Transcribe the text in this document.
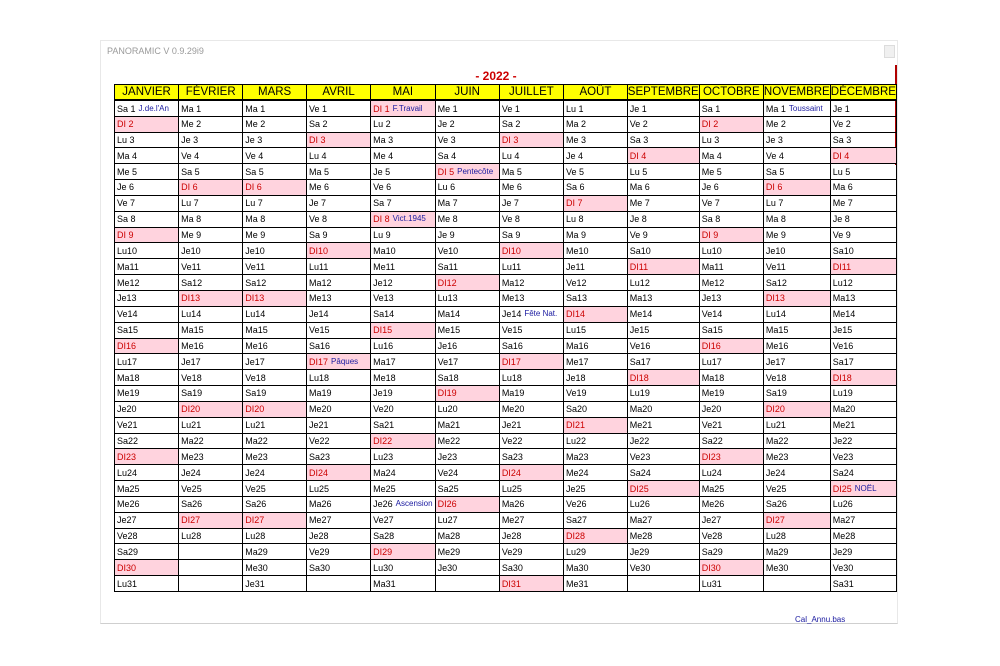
PANORAMIC V 0.9.29i9
- 2022 -
JANVIER	FÉVRIER	MARS	AVRIL	MAI	JUIN	JUILLET	AOÛT	SEPTEMBRE	OCTOBRE	NOVEMBRE	DÉCEMBRE
Sa 1 J.de.l'An	Ma 1	Ma 1	Ve 1	DI 1 F.Travail	Me 1	Ve 1	Lu 1	Je 1	Sa 1	Ma 1 Toussaint	Je 1
DI 2	Me 2	Me 2	Sa 2	Lu 2	Je 2	Sa 2	Ma 2	Ve 2	DI 2	Me 2	Ve 2
Lu 3	Je 3	Je 3	DI 3	Ma 3	Ve 3	DI 3	Me 3	Sa 3	Lu 3	Je 3	Sa 3
Ma 4	Ve 4	Ve 4	Lu 4	Me 4	Sa 4	Lu 4	Je 4	DI 4	Ma 4	Ve 4	DI 4
Me 5	Sa 5	Sa 5	Ma 5	Je 5	DI 5 Pentecôte	Ma 5	Ve 5	Lu 5	Me 5	Sa 5	Lu 5
Je 6	DI 6	DI 6	Me 6	Ve 6	Lu 6	Me 6	Sa 6	Ma 6	Je 6	DI 6	Ma 6
Ve 7	Lu 7	Lu 7	Je 7	Sa 7	Ma 7	Je 7	DI 7	Me 7	Ve 7	Lu 7	Me 7
Sa 8	Ma 8	Ma 8	Ve 8	DI 8 Vict.1945	Me 8	Ve 8	Lu 8	Je 8	Sa 8	Ma 8	Je 8
DI 9	Me 9	Me 9	Sa 9	Lu 9	Je 9	Sa 9	Ma 9	Ve 9	DI 9	Me 9	Ve 9
Lu10	Je10	Je10	DI10	Ma10	Ve10	DI10	Me10	Sa10	Lu10	Je10	Sa10
Ma11	Ve11	Ve11	Lu11	Me11	Sa11	Lu11	Je11	DI11	Ma11	Ve11	DI11
Me12	Sa12	Sa12	Ma12	Je12	DI12	Ma12	Ve12	Lu12	Me12	Sa12	Lu12
Je13	DI13	DI13	Me13	Ve13	Lu13	Me13	Sa13	Ma13	Je13	DI13	Ma13
Ve14	Lu14	Lu14	Je14	Sa14	Ma14	Je14 Fête Nat.	DI14	Me14	Ve14	Lu14	Me14
Sa15	Ma15	Ma15	Ve15	DI15	Me15	Ve15	Lu15	Je15	Sa15	Ma15	Je15
DI16	Me16	Me16	Sa16	Lu16	Je16	Sa16	Ma16	Ve16	DI16	Me16	Ve16
Lu17	Je17	Je17	DI17 Pâques	Ma17	Ve17	DI17	Me17	Sa17	Lu17	Je17	Sa17
Ma18	Ve18	Ve18	Lu18	Me18	Sa18	Lu18	Je18	DI18	Ma18	Ve18	DI18
Me19	Sa19	Sa19	Ma19	Je19	DI19	Ma19	Ve19	Lu19	Me19	Sa19	Lu19
Je20	DI20	DI20	Me20	Ve20	Lu20	Me20	Sa20	Ma20	Je20	DI20	Ma20
Ve21	Lu21	Lu21	Je21	Sa21	Ma21	Je21	DI21	Me21	Ve21	Lu21	Me21
Sa22	Ma22	Ma22	Ve22	DI22	Me22	Ve22	Lu22	Je22	Sa22	Ma22	Je22
DI23	Me23	Me23	Sa23	Lu23	Je23	Sa23	Ma23	Ve23	DI23	Me23	Ve23
Lu24	Je24	Je24	DI24	Ma24	Ve24	DI24	Me24	Sa24	Lu24	Je24	Sa24
Ma25	Ve25	Ve25	Lu25	Me25	Sa25	Lu25	Je25	DI25	Ma25	Ve25	DI25 NOËL
Me26	Sa26	Sa26	Ma26	Je26 Ascension	DI26	Ma26	Ve26	Lu26	Me26	Sa26	Lu26
Je27	DI27	DI27	Me27	Ve27	Lu27	Me27	Sa27	Ma27	Je27	DI27	Ma27
Ve28	Lu28	Lu28	Je28	Sa28	Ma28	Je28	DI28	Me28	Ve28	Lu28	Me28
Sa29		Ma29	Ve29	DI29	Me29	Ve29	Lu29	Je29	Sa29	Ma29	Je29
DI30		Me30	Sa30	Lu30	Je30	Sa30	Ma30	Ve30	DI30	Me30	Ve30
Lu31		Je31		Ma31		DI31	Me31		Lu31		Sa31
Cal_Annu.bas
